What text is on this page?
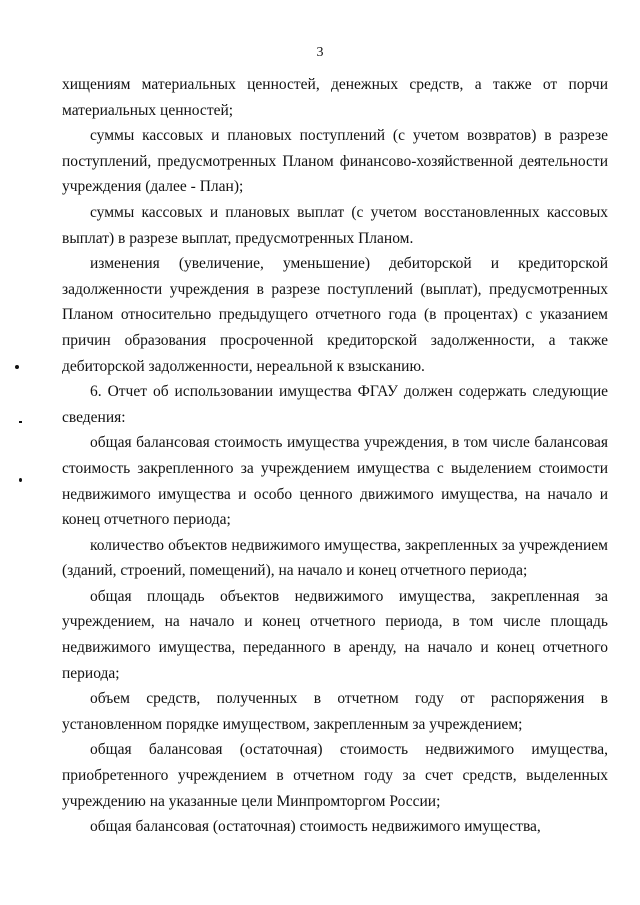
3

хищениям материальных ценностей, денежных средств, а также от порчи материальных ценностей;

суммы кассовых и плановых поступлений (с учетом возвратов) в разрезе поступлений, предусмотренных Планом финансово-хозяйственной деятельности учреждения (далее - План);

суммы кассовых и плановых выплат (с учетом восстановленных кассовых выплат) в разрезе выплат, предусмотренных Планом.

изменения (увеличение, уменьшение) дебиторской и кредиторской задолженности учреждения в разрезе поступлений (выплат), предусмотренных Планом относительно предыдущего отчетного года (в процентах) с указанием причин образования просроченной кредиторской задолженности, а также дебиторской задолженности, нереальной к взысканию.

6. Отчет об использовании имущества ФГАУ должен содержать следующие сведения:

общая балансовая стоимость имущества учреждения, в том числе балансовая стоимость закрепленного за учреждением имущества с выделением стоимости недвижимого имущества и особо ценного движимого имущества, на начало и конец отчетного периода;

количество объектов недвижимого имущества, закрепленных за учреждением (зданий, строений, помещений), на начало и конец отчетного периода;

общая площадь объектов недвижимого имущества, закрепленная за учреждением, на начало и конец отчетного периода, в том числе площадь недвижимого имущества, переданного в аренду, на начало и конец отчетного периода;

объем средств, полученных в отчетном году от распоряжения в установленном порядке имуществом, закрепленным за учреждением;

общая балансовая (остаточная) стоимость недвижимого имущества, приобретенного учреждением в отчетном году за счет средств, выделенных учреждению на указанные цели Минпромторгом России;

общая балансовая (остаточная) стоимость недвижимого имущества,
